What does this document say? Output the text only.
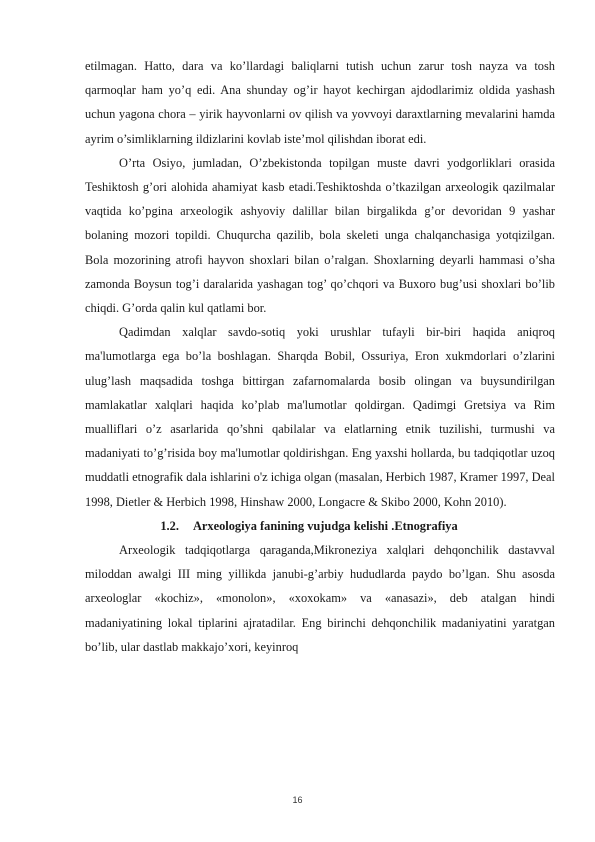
etilmagan. Hatto, dara va ko’llardagi baliqlarni tutish uchun zarur tosh nayza va tosh qarmoqlar ham yo’q edi. Ana shunday og’ir hayot kechirgan ajdodlarimiz oldida yashash uchun yagona chora – yirik hayvonlarni ov qilish va yovvoyi daraxtlarning mevalarini hamda ayrim o’simliklarning ildizlarini kovlab iste’mol qilishdan iborat edi.

O’rta Osiyo, jumladan, O’zbekistonda topilgan muste davri yodgorliklari orasida Teshiktosh g’ori alohida ahamiyat kasb etadi.Teshiktoshda o’tkazilgan arxeologik qazilmalar vaqtida ko’pgina arxeologik ashyoviy dalillar bilan birgalikda g’or devoridan 9 yashar bolaning mozori topildi. Chuqurcha qazilib, bola skeleti unga chalqanchasiga yotqizilgan. Bola mozorining atrofi hayvon shoxlari bilan o’ralgan. Shoxlarning deyarli hammasi o’sha zamonda Boysun tog’i daralarida yashagan tog’ qo’chqori va Buxoro bug’usi shoxlari bo’lib chiqdi. G’orda qalin kul qatlami bor.

Qadimdan xalqlar savdo-sotiq yoki urushlar tufayli bir-biri haqida aniqroq ma'lumotlarga ega bo’la boshlagan. Sharqda Bobil, Ossuriya, Eron xukmdorlari o’zlarini ulug’lash maqsadida toshga bittirgan zafarnomalarda bosib olingan va buysundirilgan mamlakatlar xalqlari haqida ko’plab ma'lumotlar qoldirgan. Qadimgi Gretsiya va Rim mualliflari o’z asarlarida qo’shni qabilalar va elatlarning etnik tuzilishi, turmushi va madaniyati to’g’risida boy ma'lumotlar qoldirishgan. Eng yaxshi hollarda, bu tadqiqotlar uzoq muddatli etnografik dala ishlarini o'z ichiga olgan (masalan, Herbich 1987, Kramer 1997, Deal 1998, Dietler & Herbich 1998, Hinshaw 2000, Longacre & Skibo 2000, Kohn 2010).

1.2. Arxeologiya fanining vujudga kelishi .Etnografiya

Arxeologik tadqiqotlarga qaraganda,Mikroneziya xalqlari dehqonchilik dastavval miloddan awalgi III ming yillikda janubi-g’arbiy hududlarda paydo bo’lgan. Shu asosda arxeologlar «kochiz», «monolon», «xoxokam» va «anasazi», deb atalgan hindi madaniyatining lokal tiplarini ajratadilar. Eng birinchi dehqonchilik madaniyatini yaratgan bo’lib, ular dastlab makkajo’xori, keyinroq

16
